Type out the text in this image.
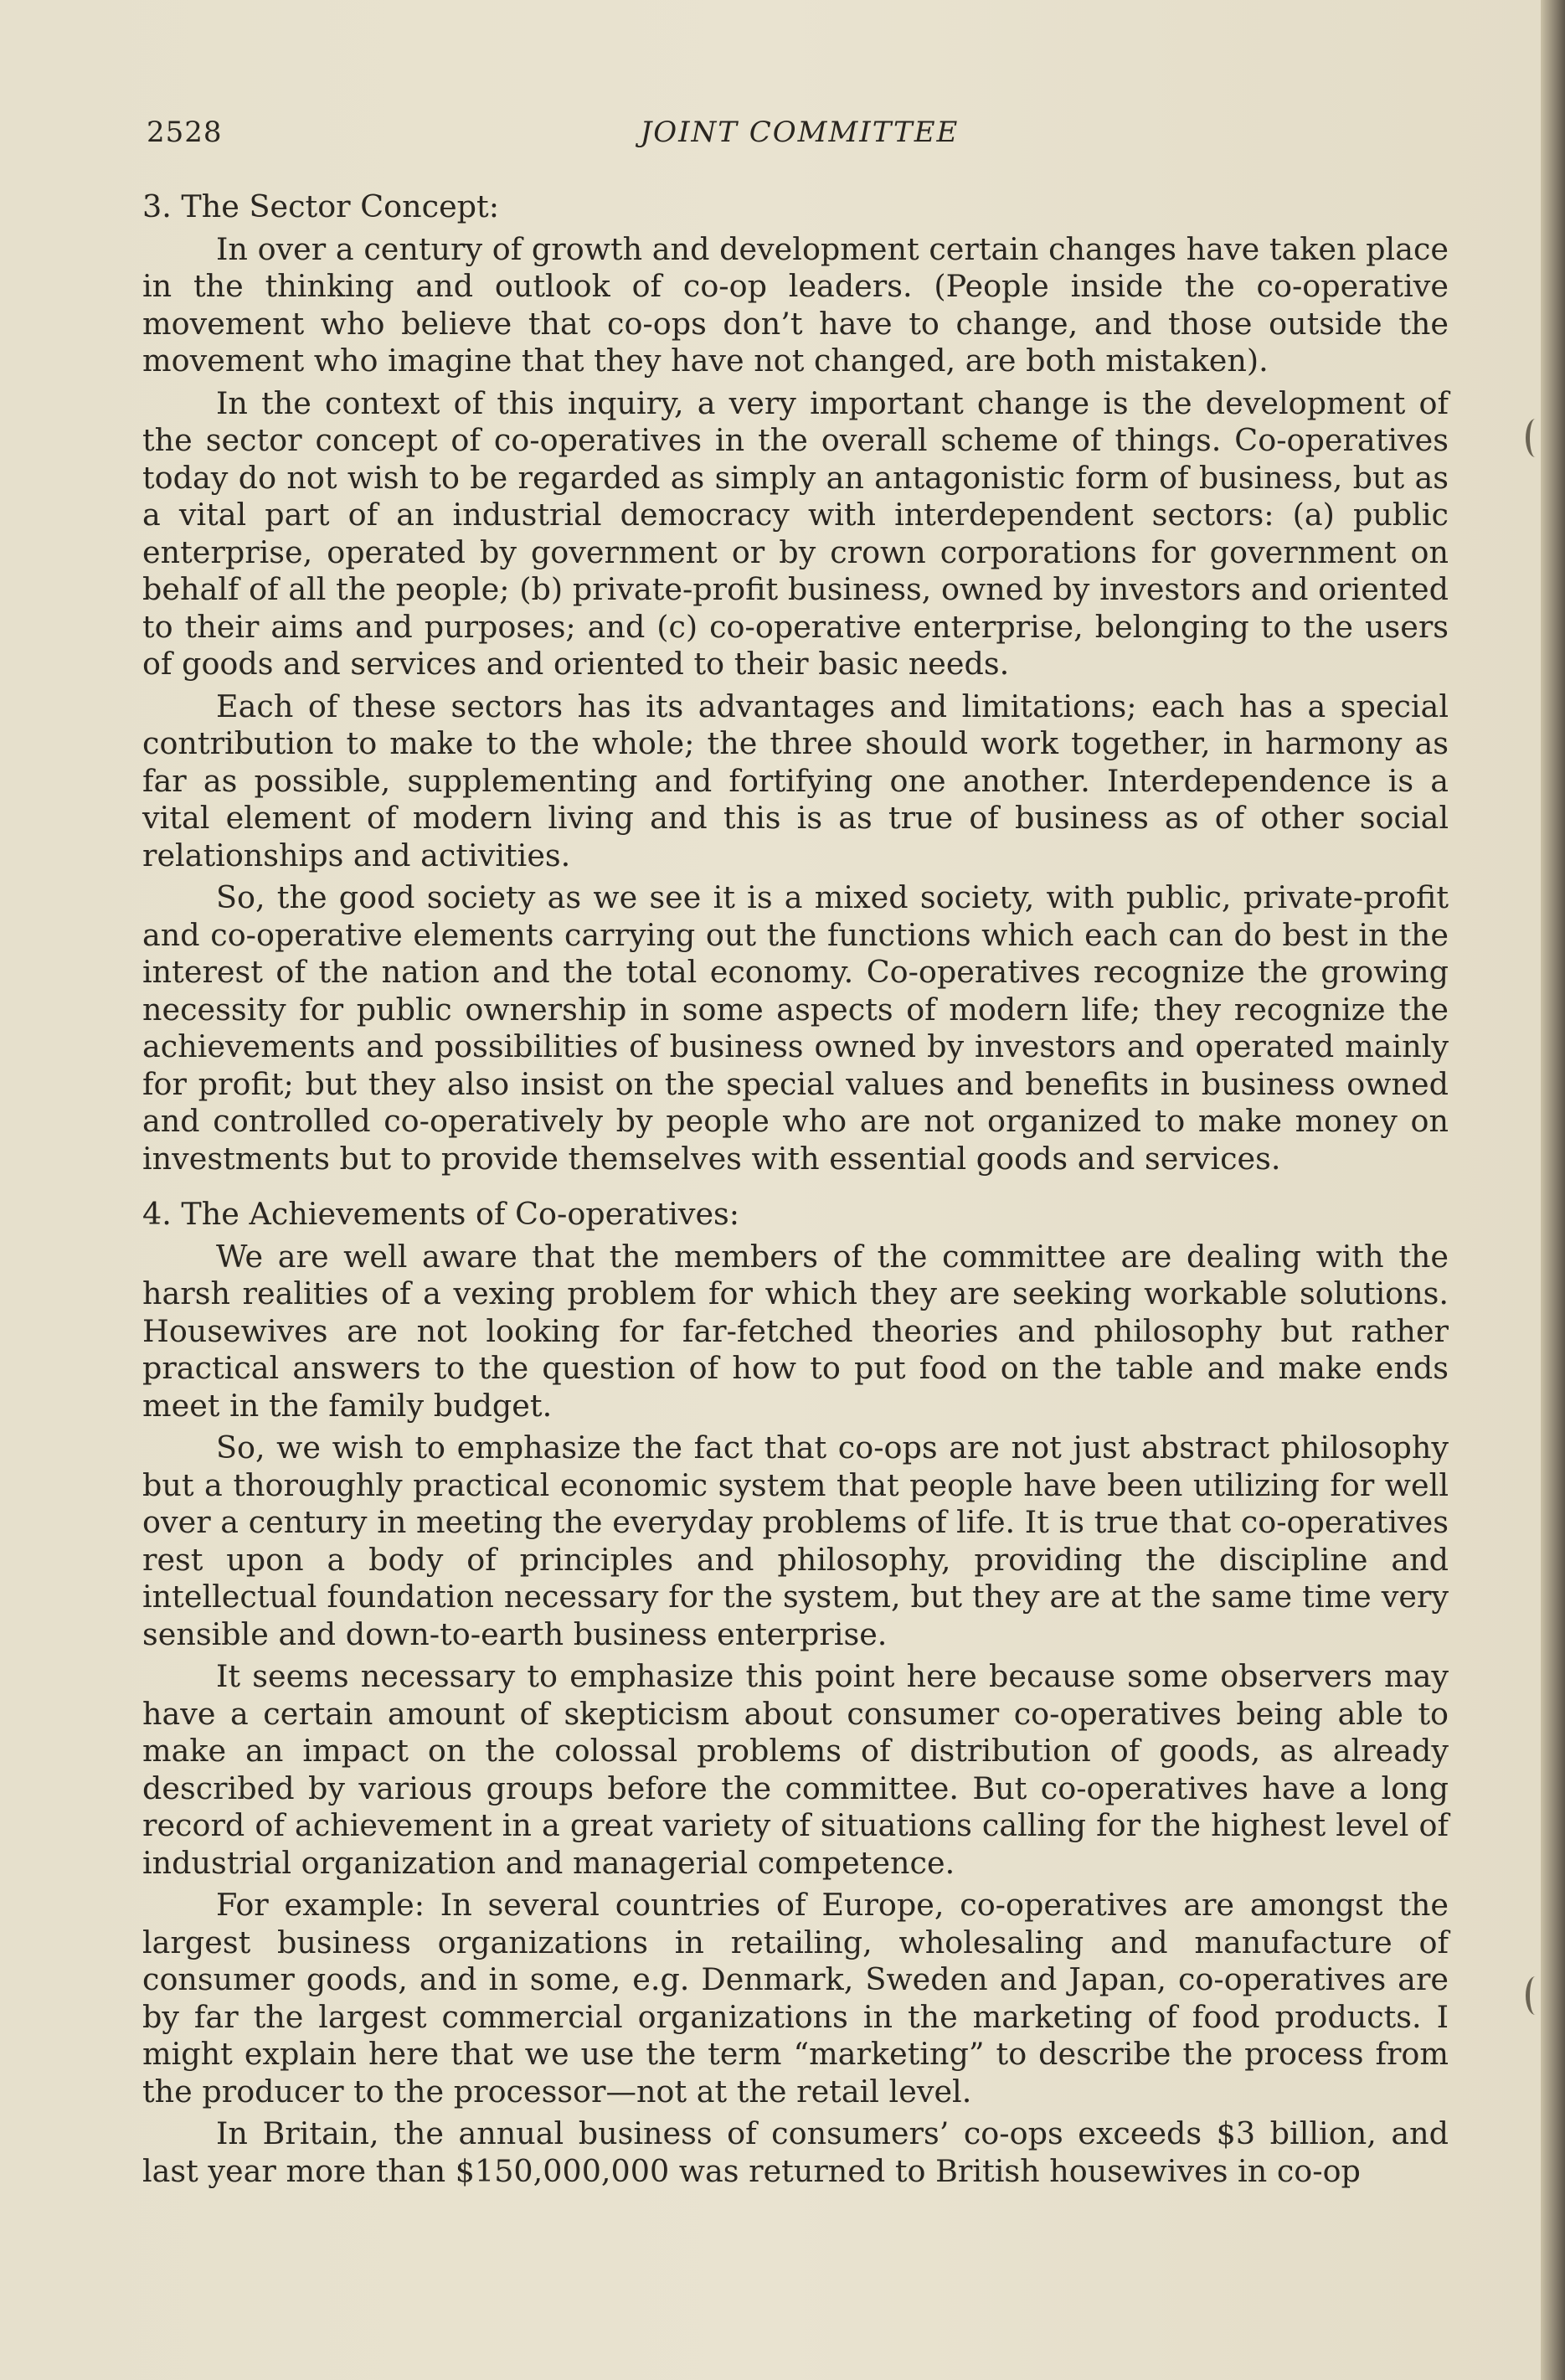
2528	JOINT COMMITTEE

3. The Sector Concept:

In over a century of growth and development certain changes have taken place in the thinking and outlook of co-op leaders. (People inside the co-operative movement who believe that co-ops don’t have to change, and those outside the movement who imagine that they have not changed, are both mistaken).

In the context of this inquiry, a very important change is the development of the sector concept of co-operatives in the overall scheme of things. Co-operatives today do not wish to be regarded as simply an antagonistic form of business, but as a vital part of an industrial democracy with interdependent sectors: (a) public enterprise, operated by government or by crown corporations for government on behalf of all the people; (b) private-profit business, owned by investors and oriented to their aims and purposes; and (c) co-operative enterprise, belonging to the users of goods and services and oriented to their basic needs.

Each of these sectors has its advantages and limitations; each has a special contribution to make to the whole; the three should work together, in harmony as far as possible, supplementing and fortifying one another. Interdependence is a vital element of modern living and this is as true of business as of other social relationships and activities.

So, the good society as we see it is a mixed society, with public, private-profit and co-operative elements carrying out the functions which each can do best in the interest of the nation and the total economy. Co-operatives recognize the growing necessity for public ownership in some aspects of modern life; they recognize the achievements and possibilities of business owned by investors and operated mainly for profit; but they also insist on the special values and benefits in business owned and controlled co-operatively by people who are not organized to make money on investments but to provide themselves with essential goods and services.

4. The Achievements of Co-operatives:

We are well aware that the members of the committee are dealing with the harsh realities of a vexing problem for which they are seeking workable solutions. Housewives are not looking for far-fetched theories and philosophy but rather practical answers to the question of how to put food on the table and make ends meet in the family budget.

So, we wish to emphasize the fact that co-ops are not just abstract philosophy but a thoroughly practical economic system that people have been utilizing for well over a century in meeting the everyday problems of life. It is true that co-operatives rest upon a body of principles and philosophy, providing the discipline and intellectual foundation necessary for the system, but they are at the same time very sensible and down-to-earth business enterprise.

It seems necessary to emphasize this point here because some observers may have a certain amount of skepticism about consumer co-operatives being able to make an impact on the colossal problems of distribution of goods, as already described by various groups before the committee. But co-operatives have a long record of achievement in a great variety of situations calling for the highest level of industrial organization and managerial competence.

For example: In several countries of Europe, co-operatives are amongst the largest business organizations in retailing, wholesaling and manufacture of consumer goods, and in some, e.g. Denmark, Sweden and Japan, co-operatives are by far the largest commercial organizations in the marketing of food products. I might explain here that we use the term “marketing” to describe the process from the producer to the processor—not at the retail level.

In Britain, the annual business of consumers’ co-ops exceeds $3 billion, and last year more than $150,000,000 was returned to British housewives in co-op
